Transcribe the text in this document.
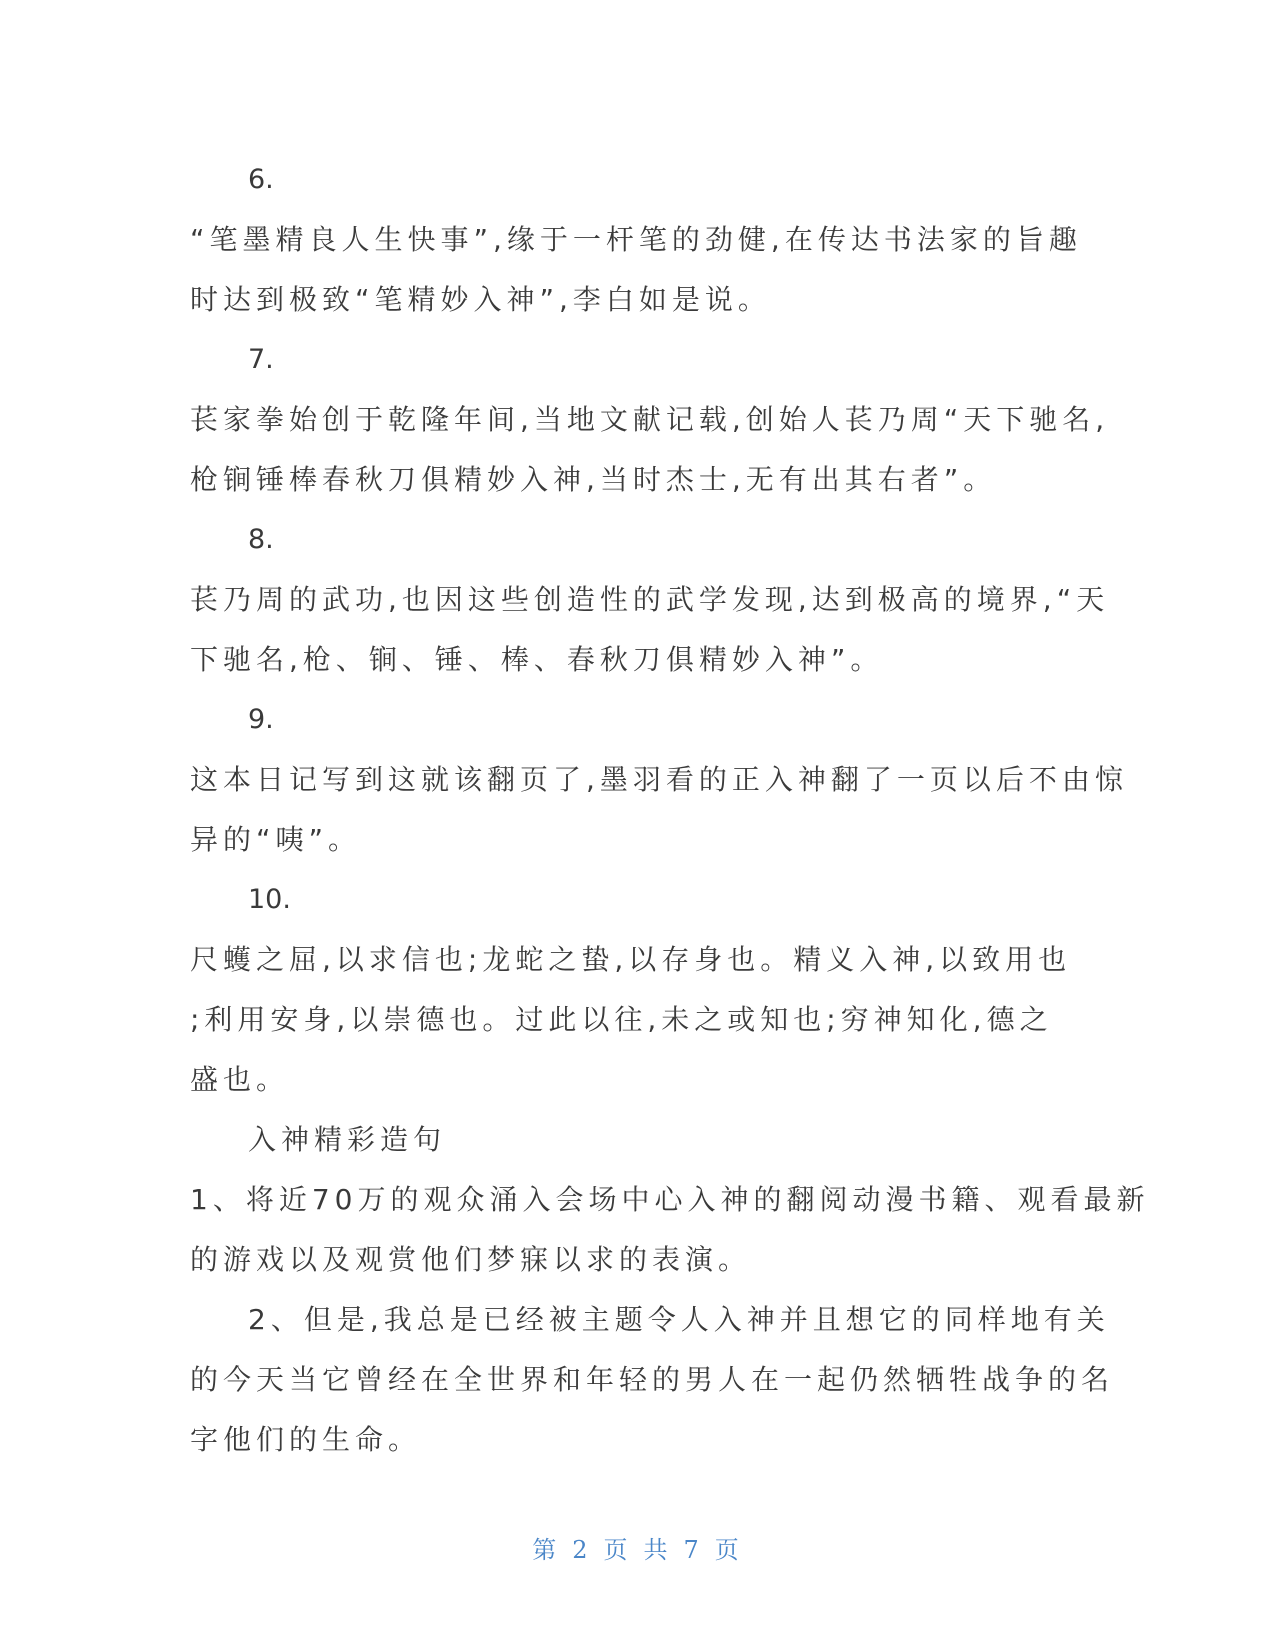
6.
“笔墨精良人生快事”,缘于一杆笔的劲健,在传达书法家的旨趣
时达到极致“笔精妙入神”,李白如是说。
7.
苌家拳始创于乾隆年间,当地文献记载,创始人苌乃周“天下驰名,
枪锏锤棒春秋刀俱精妙入神,当时杰士,无有出其右者”。
8.
苌乃周的武功,也因这些创造性的武学发现,达到极高的境界,“天
下驰名,枪、锏、锤、棒、春秋刀俱精妙入神”。
9.
这本日记写到这就该翻页了,墨羽看的正入神翻了一页以后不由惊
异的“咦”。
10.
尺蠖之屈,以求信也;龙蛇之蛰,以存身也。精义入神,以致用也
;利用安身,以崇德也。过此以往,未之或知也;穷神知化,德之
盛也。
入神精彩造句
1、将近70万的观众涌入会场中心入神的翻阅动漫书籍、观看最新
的游戏以及观赏他们梦寐以求的表演。
2、但是,我总是已经被主题令人入神并且想它的同样地有关
的今天当它曾经在全世界和年轻的男人在一起仍然牺牲战争的名
字他们的生命。
第 2 页 共 7 页
